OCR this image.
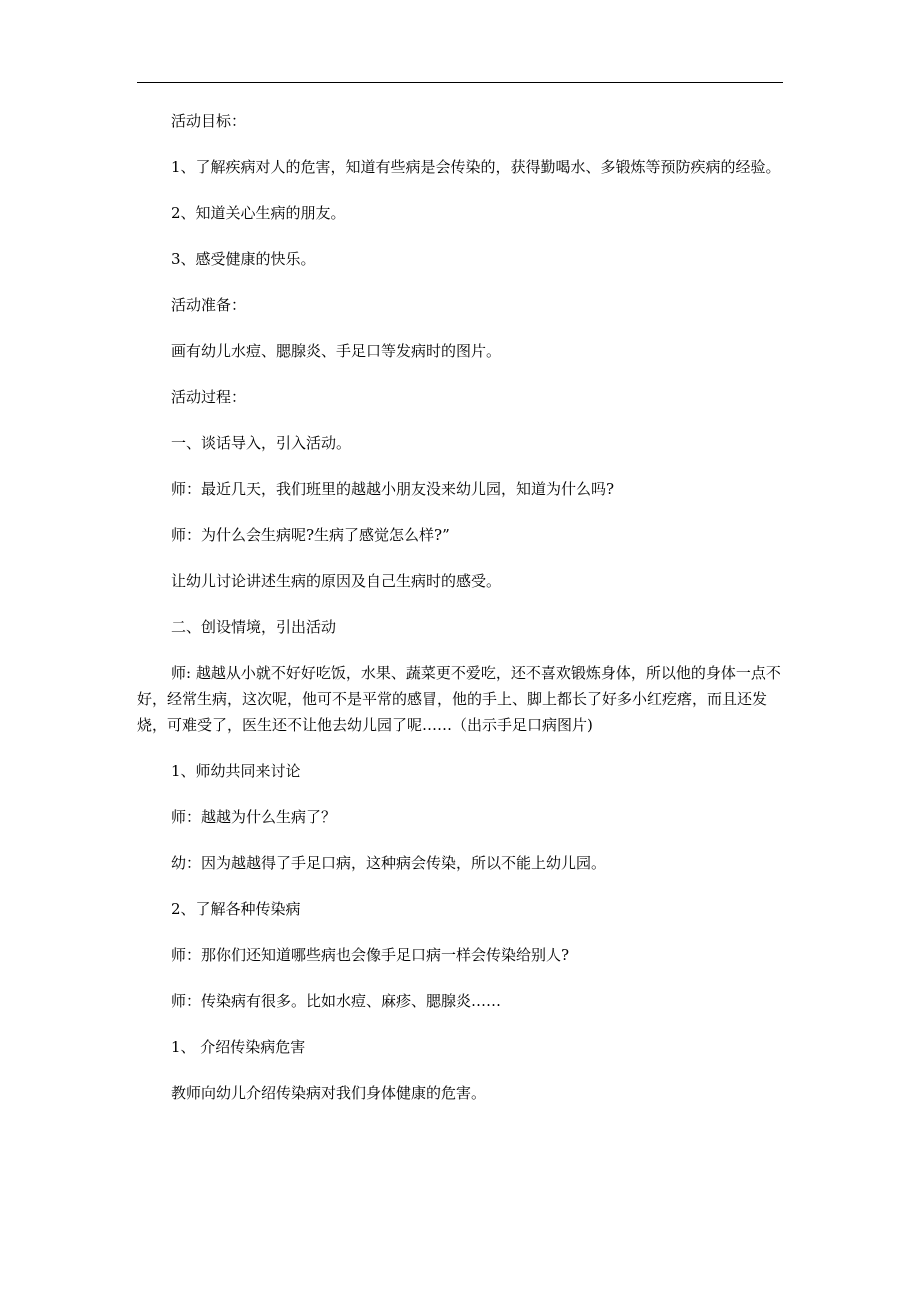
活动目标：

1、了解疾病对人的危害，知道有些病是会传染的，获得勤喝水、多锻炼等预防疾病的经验。

2、知道关心生病的朋友。

3、感受健康的快乐。

活动准备：

画有幼儿水痘、腮腺炎、手足口等发病时的图片。

活动过程：

一、谈话导入，引入活动。

师：最近几天，我们班里的越越小朋友没来幼儿园，知道为什么吗?

师：为什么会生病呢?生病了感觉怎么样?”

让幼儿讨论讲述生病的原因及自己生病时的感受。

二、创设情境，引出活动

师: 越越从小就不好好吃饭，水果、蔬菜更不爱吃，还不喜欢锻炼身体，所以他的身体一点不好，经常生病，这次呢，他可不是平常的感冒，他的手上、脚上都长了好多小红疙瘩，而且还发烧，可难受了，医生还不让他去幼儿园了呢……（出示手足口病图片)

1、师幼共同来讨论

师：越越为什么生病了？

幼：因为越越得了手足口病，这种病会传染，所以不能上幼儿园。

2、了解各种传染病

师：那你们还知道哪些病也会像手足口病一样会传染给别人?

师：传染病有很多。比如水痘、麻疹、腮腺炎……

1、 介绍传染病危害

教师向幼儿介绍传染病对我们身体健康的危害。
